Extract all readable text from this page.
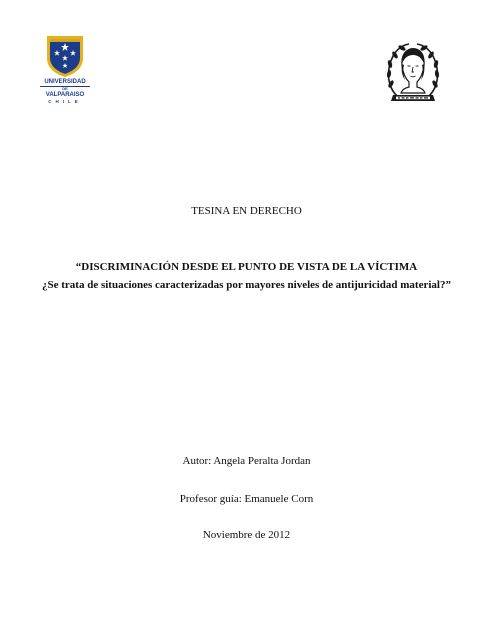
UNIVERSIDAD
DE
VALPARAISO
CHILE
TESINA EN DERECHO
“DISCRIMINACIÓN DESDE EL PUNTO DE VISTA DE LA VÍCTIMA
¿Se trata de situaciones caracterizadas por mayores niveles de antijuricidad material?”
Autor: Angela Peralta Jordan
Profesor guía: Emanuele Corn
Noviembre de 2012
